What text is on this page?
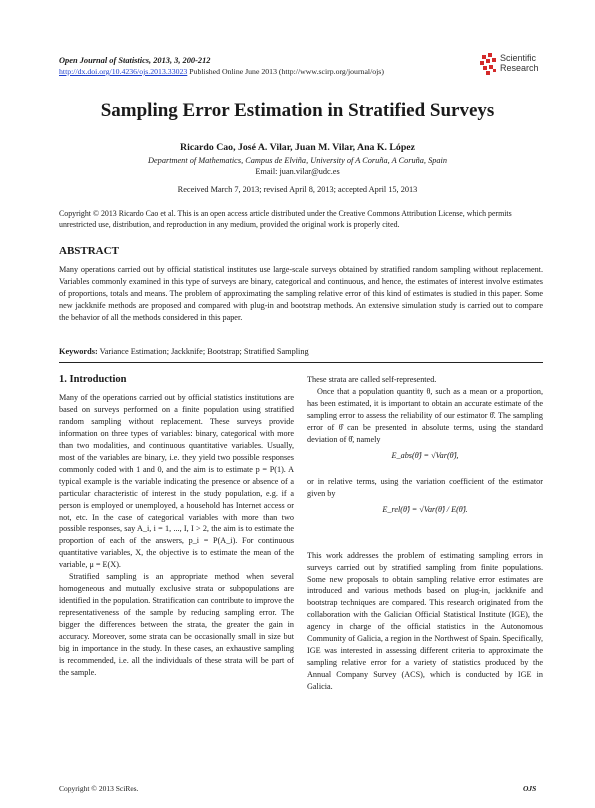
Open Journal of Statistics, 2013, 3, 200-212
http://dx.doi.org/10.4236/ojs.2013.33023 Published Online June 2013 (http://www.scirp.org/journal/ojs)
Scientific
Research
Sampling Error Estimation in Stratified Surveys
Ricardo Cao, José A. Vilar, Juan M. Vilar, Ana K. López
Department of Mathematics, Campus de Elviña, University of A Coruña, A Coruña, Spain
Email: juan.vilar@udc.es
Received March 7, 2013; revised April 8, 2013; accepted April 15, 2013
Copyright © 2013 Ricardo Cao et al. This is an open access article distributed under the Creative Commons Attribution License, which permits unrestricted use, distribution, and reproduction in any medium, provided the original work is properly cited.
ABSTRACT
Many operations carried out by official statistical institutes use large-scale surveys obtained by stratified random sampling without replacement. Variables commonly examined in this type of surveys are binary, categorical and continuous, and hence, the estimates of interest involve estimates of proportions, totals and means. The problem of approximating the sampling relative error of this kind of estimates is studied in this paper. Some new jackknife methods are proposed and compared with plug-in and bootstrap methods. An extensive simulation study is carried out to compare the behavior of all the methods considered in this paper.
Keywords: Variance Estimation; Jackknife; Bootstrap; Stratified Sampling
1. Introduction

Many of the operations carried out by official statistics institutions are based on surveys performed on a finite population using stratified random sampling without replacement. These surveys provide information on three types of variables: binary, categorical with more than two modalities, and continuous quantitative variables. Usually, most of the variables are binary, i.e. they yield two possible responses commonly coded with 1 and 0, and the aim is to estimate p = P(1). A typical example is the variable indicating the presence or absence of a particular characteristic of interest in the study population, e.g. if a person is employed or unemployed, a household has Internet access or not, etc. In the case of categorical variables with more than two possible responses, say A_i, i = 1, ..., I, I > 2, the aim is to estimate the proportion of each of the answers, p_i = P(A_i). For continuous quantitative variables, X, the objective is to estimate the mean of the variable, μ = E(X).

Stratified sampling is an appropriate method when several homogeneous and mutually exclusive strata or subpopulations are identified in the population. Stratification can contribute to improve the representativeness of the sample by reducing sampling error. The bigger the differences between the strata, the greater the gain in accuracy. Moreover, some strata can be occasionally small in size but big in importance in the study. In these cases, an exhaustive sampling is recommended, i.e. all the individuals of these strata will be part of the sample.

These strata are called self-represented.

Once that a population quantity θ, such as a mean or a proportion, has been estimated, it is important to obtain an accurate estimate of the sampling error to assess the reliability of our estimator θ̂. The sampling error of θ̂ can be presented in absolute terms, using the standard deviation of θ̂, namely

E_abs(θ̂) = √Var(θ̂),

or in relative terms, using the variation coefficient of the estimator given by

E_rel(θ̂) = √Var(θ̂) / E(θ̂).

This work addresses the problem of estimating sampling errors in surveys carried out by stratified sampling from finite populations. Some new proposals to obtain sampling relative error estimates are introduced and various methods based on plug-in, jackknife and bootstrap techniques are compared. This research originated from the collaboration with the Galician Official Statistical Institute (IGE), the agency in charge of the official statistics in the Autonomous Community of Galicia, a region in the Northwest of Spain. Specifically, IGE was interested in assessing different criteria to approximate the sampling relative error for a variety of statistics produced by the Annual Company Survey (ACS), which is conducted by IGE in Galicia.

Copyright © 2013 SciRes.	OJS
